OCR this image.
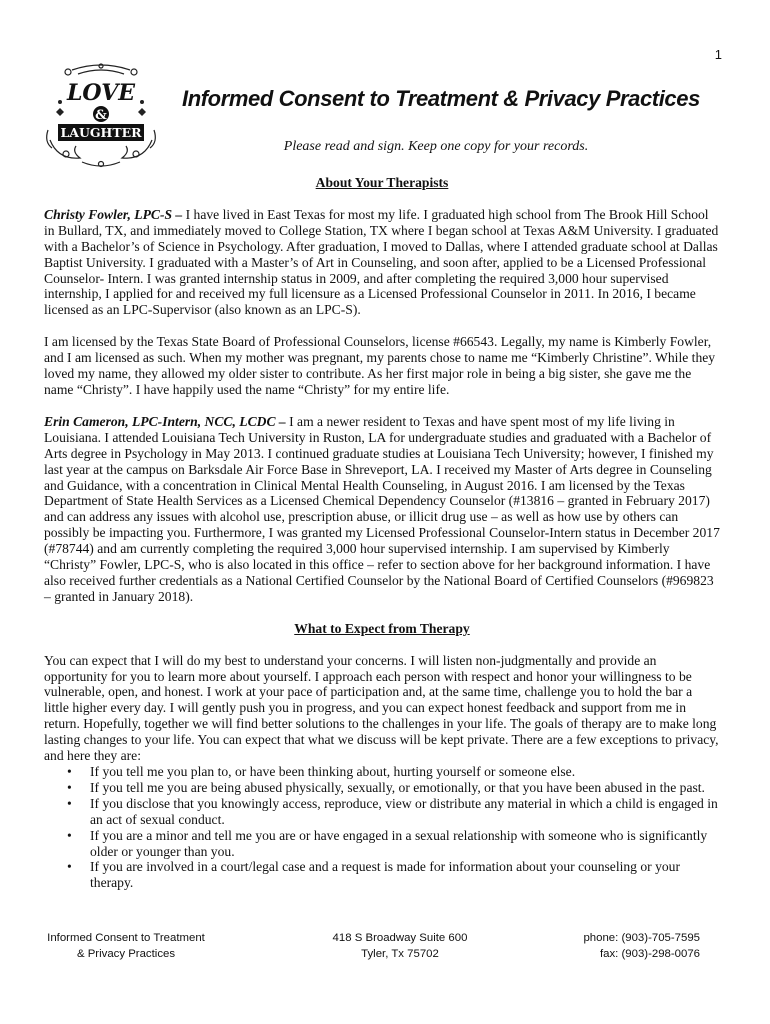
1
LOVE
&
LAUGHTER
Informed Consent to Treatment & Privacy Practices
Please read and sign. Keep one copy for your records.
About Your Therapists

Christy Fowler, LPC-S – I have lived in East Texas for most my life. I graduated high school from The Brook Hill School in Bullard, TX, and immediately moved to College Station, TX where I began school at Texas A&M University. I graduated with a Bachelor’s of Science in Psychology. After graduation, I moved to Dallas, where I attended graduate school at Dallas Baptist University. I graduated with a Master’s of Art in Counseling, and soon after, applied to be a Licensed Professional Counselor- Intern. I was granted internship status in 2009, and after completing the required 3,000 hour supervised internship, I applied for and received my full licensure as a Licensed Professional Counselor in 2011. In 2016, I became licensed as an LPC-Supervisor (also known as an LPC-S).

I am licensed by the Texas State Board of Professional Counselors, license #66543. Legally, my name is Kimberly Fowler, and I am licensed as such. When my mother was pregnant, my parents chose to name me “Kimberly Christine”. While they loved my name, they allowed my older sister to contribute. As her first major role in being a big sister, she gave me the name “Christy”. I have happily used the name “Christy” for my entire life.

Erin Cameron, LPC-Intern, NCC, LCDC – I am a newer resident to Texas and have spent most of my life living in Louisiana. I attended Louisiana Tech University in Ruston, LA for undergraduate studies and graduated with a Bachelor of Arts degree in Psychology in May 2013. I continued graduate studies at Louisiana Tech University; however, I finished my last year at the campus on Barksdale Air Force Base in Shreveport, LA. I received my Master of Arts degree in Counseling and Guidance, with a concentration in Clinical Mental Health Counseling, in August 2016. I am licensed by the Texas Department of State Health Services as a Licensed Chemical Dependency Counselor (#13816 – granted in February 2017) and can address any issues with alcohol use, prescription abuse, or illicit drug use – as well as how use by others can possibly be impacting you. Furthermore, I was granted my Licensed Professional Counselor-Intern status in December 2017 (#78744) and am currently completing the required 3,000 hour supervised internship. I am supervised by Kimberly “Christy” Fowler, LPC-S, who is also located in this office – refer to section above for her background information. I have also received further credentials as a National Certified Counselor by the National Board of Certified Counselors (#969823 – granted in January 2018).

What to Expect from Therapy

You can expect that I will do my best to understand your concerns. I will listen non-judgmentally and provide an opportunity for you to learn more about yourself. I approach each person with respect and honor your willingness to be vulnerable, open, and honest. I work at your pace of participation and, at the same time, challenge you to hold the bar a little higher every day. I will gently push you in progress, and you can expect honest feedback and support from me in return. Hopefully, together we will find better solutions to the challenges in your life. The goals of therapy are to make long lasting changes to your life. You can expect that what we discuss will be kept private. There are a few exceptions to privacy, and here they are:

• If you tell me you plan to, or have been thinking about, hurting yourself or someone else.
• If you tell me you are being abused physically, sexually, or emotionally, or that you have been abused in the past.
• If you disclose that you knowingly access, reproduce, view or distribute any material in which a child is engaged in an act of sexual conduct.
• If you are a minor and tell me you are or have engaged in a sexual relationship with someone who is significantly older or younger than you.
• If you are involved in a court/legal case and a request is made for information about your counseling or your therapy.
Informed Consent to Treatment
& Privacy Practices
418 S Broadway Suite 600
Tyler, Tx 75702
phone: (903)-705-7595
fax: (903)-298-0076
